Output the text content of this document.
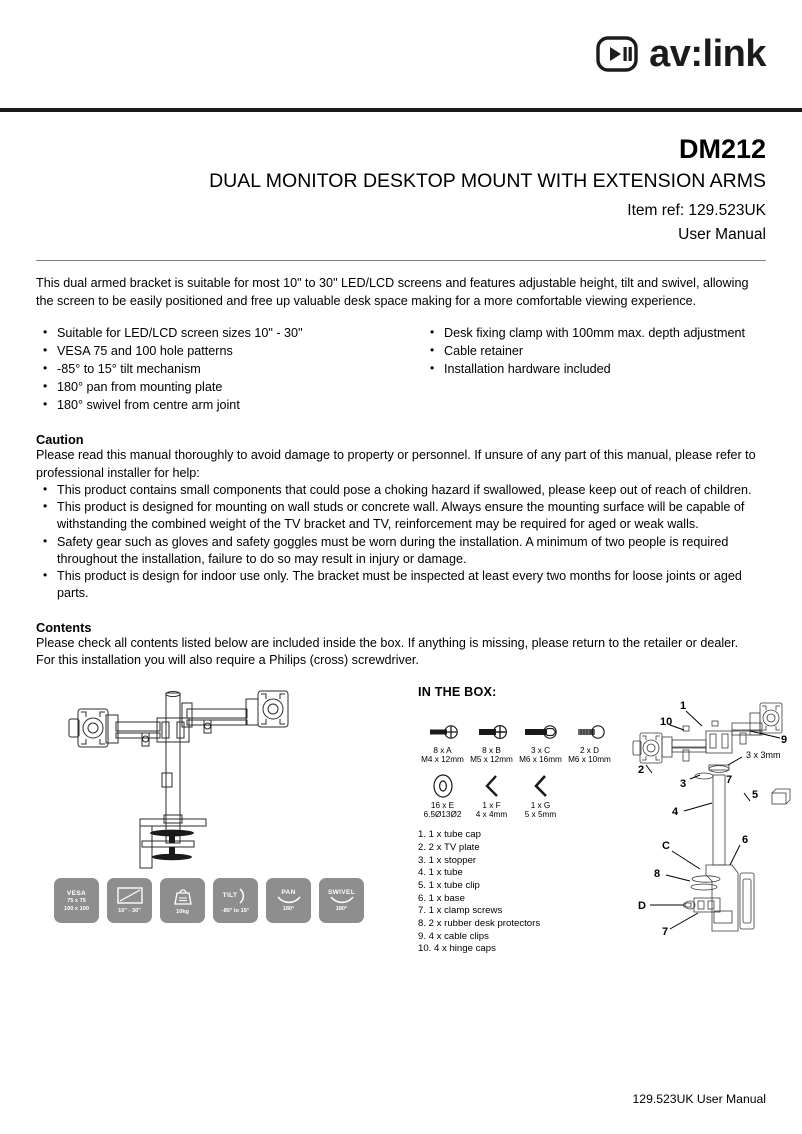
av:link
DM212
DUAL MONITOR DESKTOP MOUNT WITH EXTENSION ARMS
Item ref: 129.523UK
User Manual

This dual armed bracket is suitable for most 10" to 30" LED/LCD screens and features adjustable height, tilt and swivel, allowing the screen to be easily positioned and free up valuable desk space making for a more comfortable viewing experience.

• Suitable for LED/LCD screen sizes 10" - 30"
• VESA 75 and 100 hole patterns
• -85° to 15° tilt mechanism
• 180° pan from mounting plate
• 180° swivel from centre arm joint
• Desk fixing clamp with 100mm max. depth adjustment
• Cable retainer
• Installation hardware included
Caution
Please read this manual thoroughly to avoid damage to property or personnel. If unsure of any part of this manual, please refer to professional installer for help:
• This product contains small components that could pose a choking hazard if swallowed, please keep out of reach of children.
• This product is designed for mounting on wall studs or concrete wall. Always ensure the mounting surface will be capable of withstanding the combined weight of the TV bracket and TV, reinforcement may be required for aged or weak walls.
• Safety gear such as gloves and safety goggles must be worn during the installation. A minimum of two people is required throughout the installation, failure to do so may result in injury or damage.
• This product is design for indoor use only. The bracket must be inspected at least every two months for loose joints or aged parts.
Contents
Please check all contents listed below are included inside the box. If anything is missing, please return to the retailer or dealer.
For this installation you will also require a Philips (cross) screwdriver.
VESA
75 x 75
100 x 100	10" - 30"	10kg
TILT
-85° to 15°
PAN
180°
SWIVEL
180°
IN THE BOX:
8 x A
M4 x 12mm
8 x B
M5 x 12mm
3 x C
M6 x 16mm
2 x D
M6 x 10mm
16 x E
6.5Ø13Ø2
1 x F
4 x 4mm
1 x G
5 x 5mm
1. 1 x tube cap
2. 2 x TV plate
3. 1 x stopper
4. 1 x tube
5. 1 x tube clip
6. 1 x base
7. 1 x clamp screws
8. 2 x rubber desk protectors
9. 4 x cable clips
10. 4 x hinge caps
1
10
9
2
3	7
3 x 3mm
4
5
6
C
8
D
7
129.523UK User Manual
